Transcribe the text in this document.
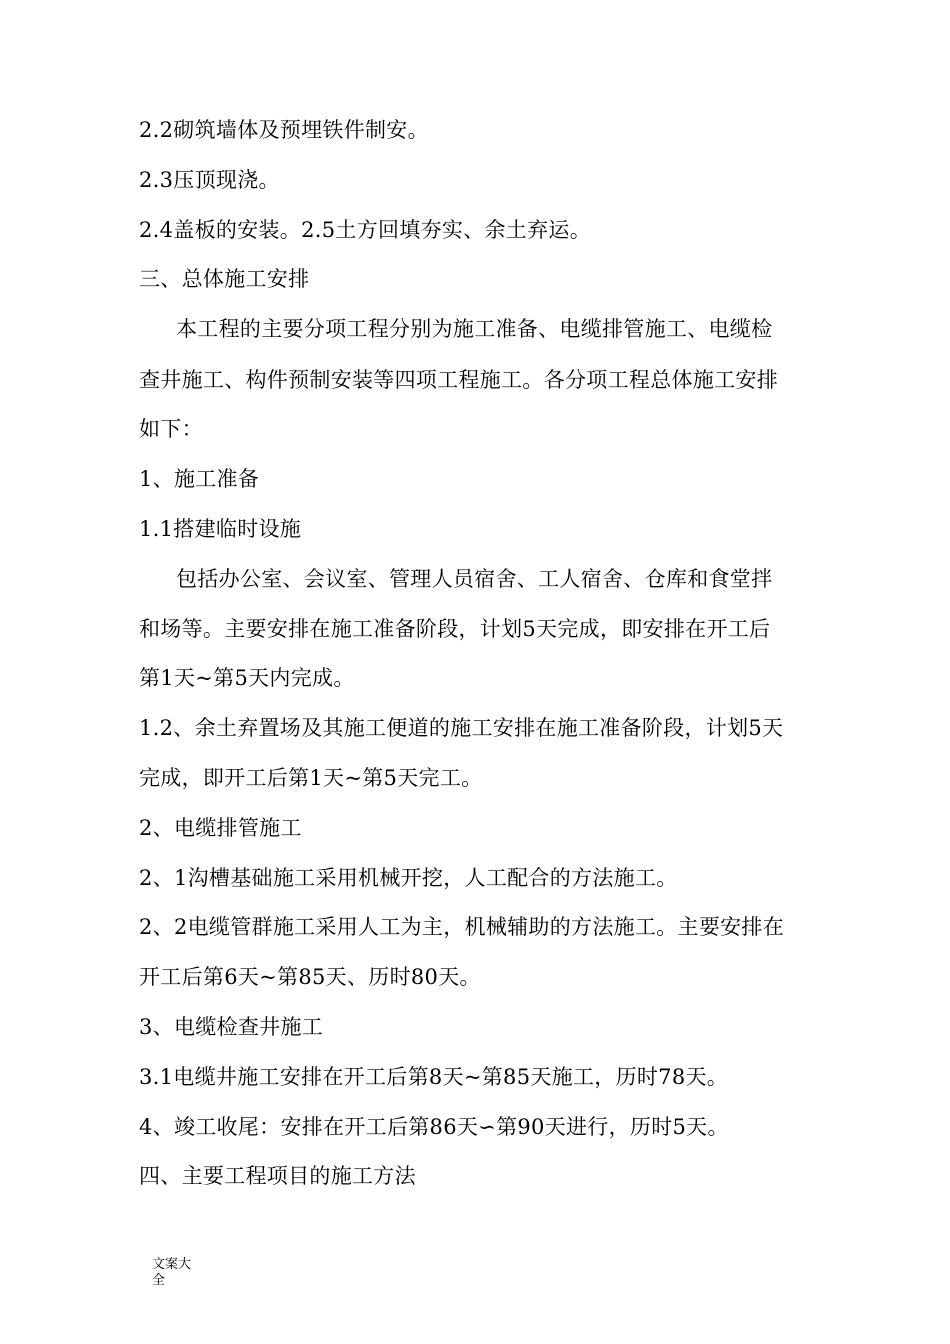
2.2砌筑墙体及预埋铁件制安。
2.3压顶现浇。
2.4盖板的安装。2.5土方回填夯实、余土弃运。
三、总体施工安排
本工程的主要分项工程分别为施工准备、电缆排管施工、电缆检
查井施工、构件预制安装等四项工程施工。各分项工程总体施工安排
如下：
1、施工准备
1.1搭建临时设施
包括办公室、会议室、管理人员宿舍、工人宿舍、仓库和食堂拌
和场等。主要安排在施工准备阶段，计划5天完成，即安排在开工后
第1天~第5天内完成。
1.2、余土弃置场及其施工便道的施工安排在施工准备阶段，计划5天
完成，即开工后第1天~第5天完工。
2、电缆排管施工
2、1沟槽基础施工采用机械开挖，人工配合的方法施工。
2、2电缆管群施工采用人工为主，机械辅助的方法施工。主要安排在
开工后第6天~第85天、历时80天。
3、电缆检查井施工
3.1电缆井施工安排在开工后第8天~第85天施工，历时78天。
4、竣工收尾：安排在开工后第86天∽第90天进行，历时5天。
四、主要工程项目的施工方法
文案大
全
